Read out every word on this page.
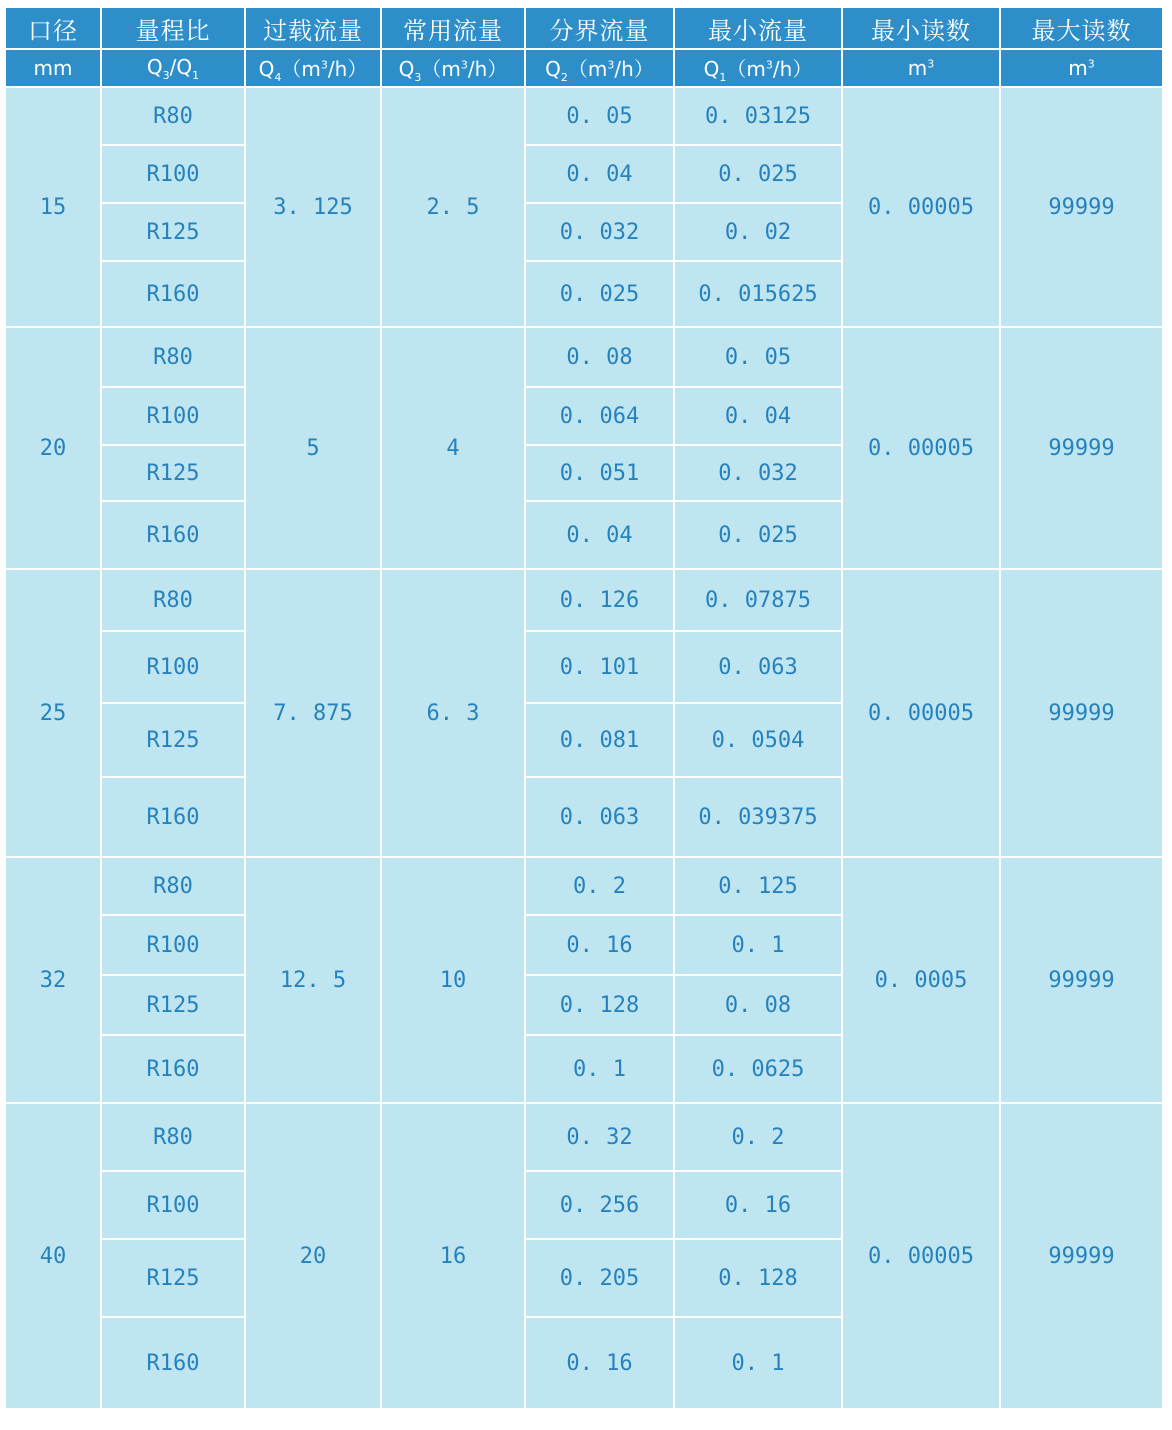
口径	量程比	过载流量	常用流量	分界流量	最小流量	最小读数	最大读数
mm	$Q_3/Q_1$	$Q_4(m^3/h)$	$Q_3(m^3/h)$	$Q_2(m^3/h)$	$Q_1(m^3/h)$	$m^3$	$m^3$
15	R80	3. 125	2. 5	0. 05	0. 03125	0. 00005	99999
	R100			0. 04	0. 025		
	R125			0. 032	0. 02		
	R160			0. 025	0. 015625		
20	R80	5	4	0. 08	0. 05	0. 00005	99999
	R100			0. 064	0. 04		
	R125			0. 051	0. 032		
	R160			0. 04	0. 025		
25	R80	7. 875	6. 3	0. 126	0. 07875	0. 00005	99999
	R100			0. 101	0. 063		
	R125			0. 081	0. 0504		
	R160			0. 063	0. 039375		
32	R80	12. 5	10	0. 2	0. 125	0. 0005	99999
	R100			0. 16	0. 1		
	R125			0. 128	0. 08		
	R160			0. 1	0. 0625		
40	R80	20	16	0. 32	0. 2	0. 00005	99999
	R100			0. 256	0. 16		
	R125			0. 205	0. 128		
	R160			0. 16	0. 1		
